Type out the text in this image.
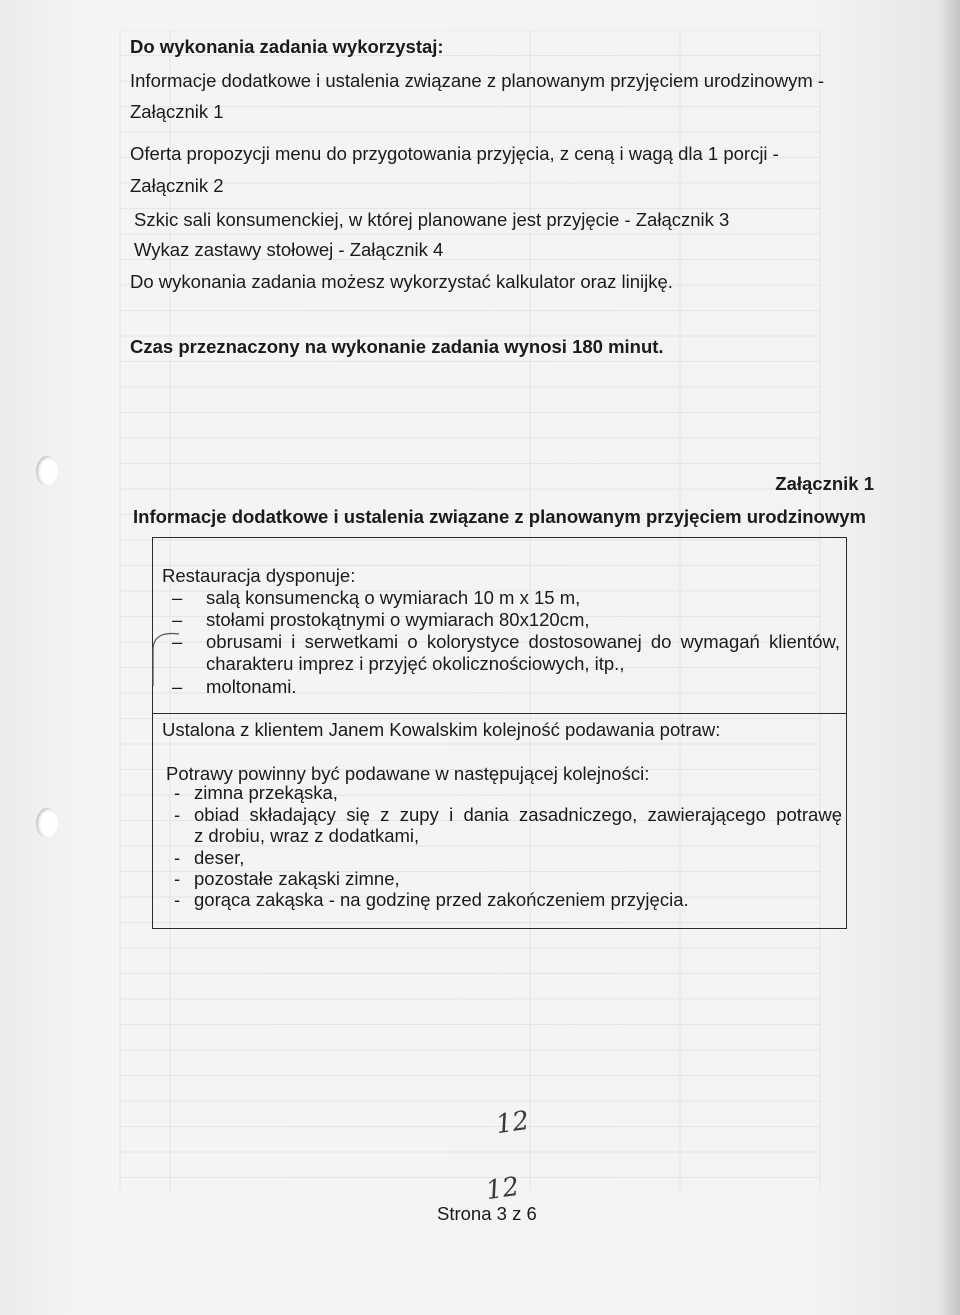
Do wykonania zadania wykorzystaj:
Informacje dodatkowe i ustalenia związane z planowanym przyjęciem urodzinowym -
Załącznik 1
Oferta propozycji menu do przygotowania przyjęcia, z ceną i wagą dla 1 porcji -
Załącznik 2
Szkic sali konsumenckiej, w której planowane jest przyjęcie - Załącznik 3
Wykaz zastawy stołowej - Załącznik 4
Do wykonania zadania możesz wykorzystać kalkulator oraz linijkę.
Czas przeznaczony na wykonanie zadania wynosi 180 minut.
Załącznik 1
Informacje dodatkowe i ustalenia związane z planowanym przyjęciem urodzinowym
Restauracja dysponuje:
– salą konsumencką o wymiarach 10 m x 15 m,
– stołami prostokątnymi o wymiarach 80x120cm,
– obrusami i serwetkami o kolorystyce dostosowanej do wymagań klientów,
charakteru imprez i przyjęć okolicznościowych, itp.,
– moltonami.
Ustalona z klientem Janem Kowalskim kolejność podawania potraw:
Potrawy powinny być podawane w następującej kolejności:
- zimna przekąska,
- obiad składający się z zupy i dania zasadniczego, zawierającego potrawę
z drobiu, wraz z dodatkami,
- deser,
- pozostałe zakąski zimne,
- gorąca zakąska - na godzinę przed zakończeniem przyjęcia.
12
12
Strona 3 z 6
